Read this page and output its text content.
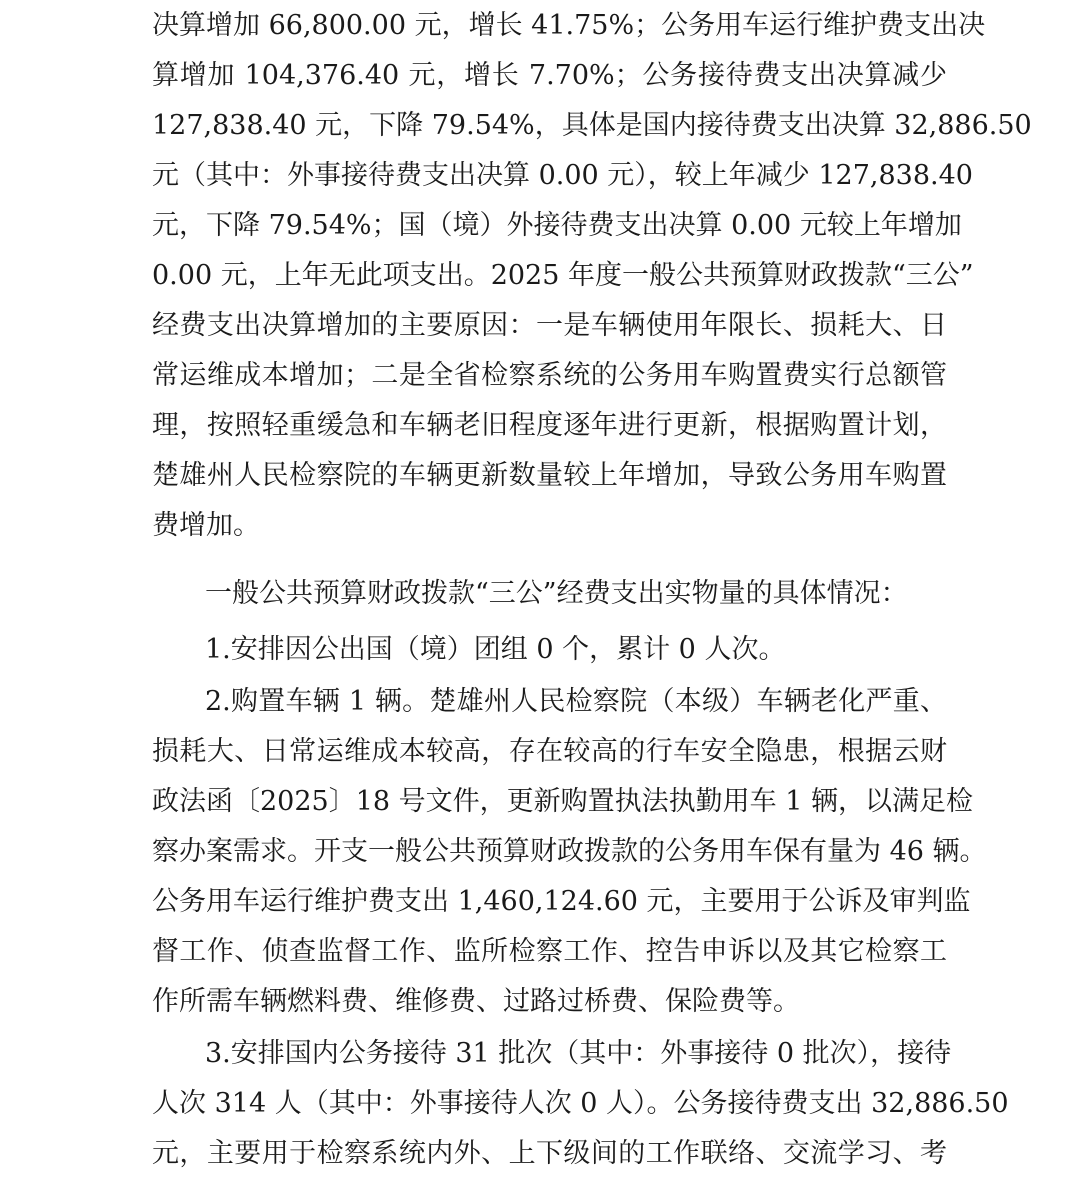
决算增加 66,800.00 元，增长 41.75%；公务用车运行维护费支出决
算增加 104,376.40 元，增长 7.70%；公务接待费支出决算减少
127,838.40 元，下降 79.54%，具体是国内接待费支出决算 32,886.50
元（其中：外事接待费支出决算 0.00 元），较上年减少 127,838.40
元，下降 79.54%；国（境）外接待费支出决算 0.00 元较上年增加
0.00 元，上年无此项支出。2025 年度一般公共预算财政拨款“三公”
经费支出决算增加的主要原因：一是车辆使用年限长、损耗大、日
常运维成本增加；二是全省检察系统的公务用车购置费实行总额管
理，按照轻重缓急和车辆老旧程度逐年进行更新，根据购置计划，
楚雄州人民检察院的车辆更新数量较上年增加，导致公务用车购置
费增加。
一般公共预算财政拨款“三公”经费支出实物量的具体情况：
1.安排因公出国（境）团组 0 个，累计 0 人次。
2.购置车辆 1 辆。楚雄州人民检察院（本级）车辆老化严重、
损耗大、日常运维成本较高，存在较高的行车安全隐患，根据云财
政法函〔2025〕18 号文件，更新购置执法执勤用车 1 辆，以满足检
察办案需求。开支一般公共预算财政拨款的公务用车保有量为 46 辆。
公务用车运行维护费支出 1,460,124.60 元，主要用于公诉及审判监
督工作、侦查监督工作、监所检察工作、控告申诉以及其它检察工
作所需车辆燃料费、维修费、过路过桥费、保险费等。
3.安排国内公务接待 31 批次（其中：外事接待 0 批次），接待
人次 314 人（其中：外事接待人次 0 人）。公务接待费支出 32,886.50
元，主要用于检察系统内外、上下级间的工作联络、交流学习、考
